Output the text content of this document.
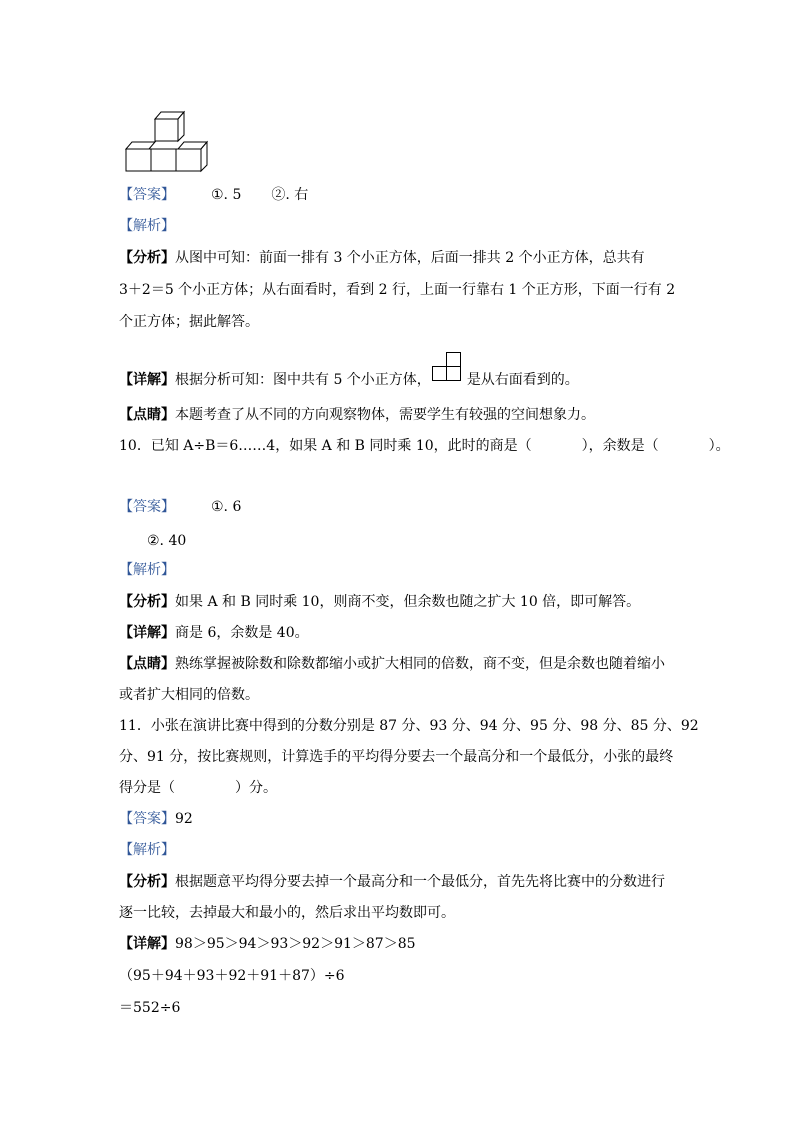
【答案】	①. 5 ②. 右
【解析】
【分析】从图中可知：前面一排有 3 个小正方体，后面一排共 2 个小正方体，总共有
3＋2＝5 个小正方体；从右面看时，看到 2 行，上面一行靠右 1 个正方形，下面一行有 2
个正方体；据此解答。
【详解】根据分析可知：图中共有 5 个小正方体，	是从右面看到的。
【点睛】本题考查了从不同的方向观察物体，需要学生有较强的空间想象力。
10．已知 A÷B＝6……4，如果 A 和 B 同时乘 10，此时的商是（	），余数是（	）。
【答案】	①. 6
②. 40
【解析】
【分析】如果 A 和 B 同时乘 10，则商不变，但余数也随之扩大 10 倍，即可解答。
【详解】商是 6，余数是 40。
【点睛】熟练掌握被除数和除数都缩小或扩大相同的倍数，商不变，但是余数也随着缩小
或者扩大相同的倍数。
11．小张在演讲比赛中得到的分数分别是 87 分、93 分、94 分、95 分、98 分、85 分、92
分、91 分，按比赛规则，计算选手的平均得分要去一个最高分和一个最低分，小张的最终
得分是（	）分。
【答案】92
【解析】
【分析】根据题意平均得分要去掉一个最高分和一个最低分，首先先将比赛中的分数进行
逐一比较，去掉最大和最小的，然后求出平均数即可。
【详解】98＞95＞94＞93＞92＞91＞87＞85
（95＋94＋93＋92＋91＋87）÷6
＝552÷6
